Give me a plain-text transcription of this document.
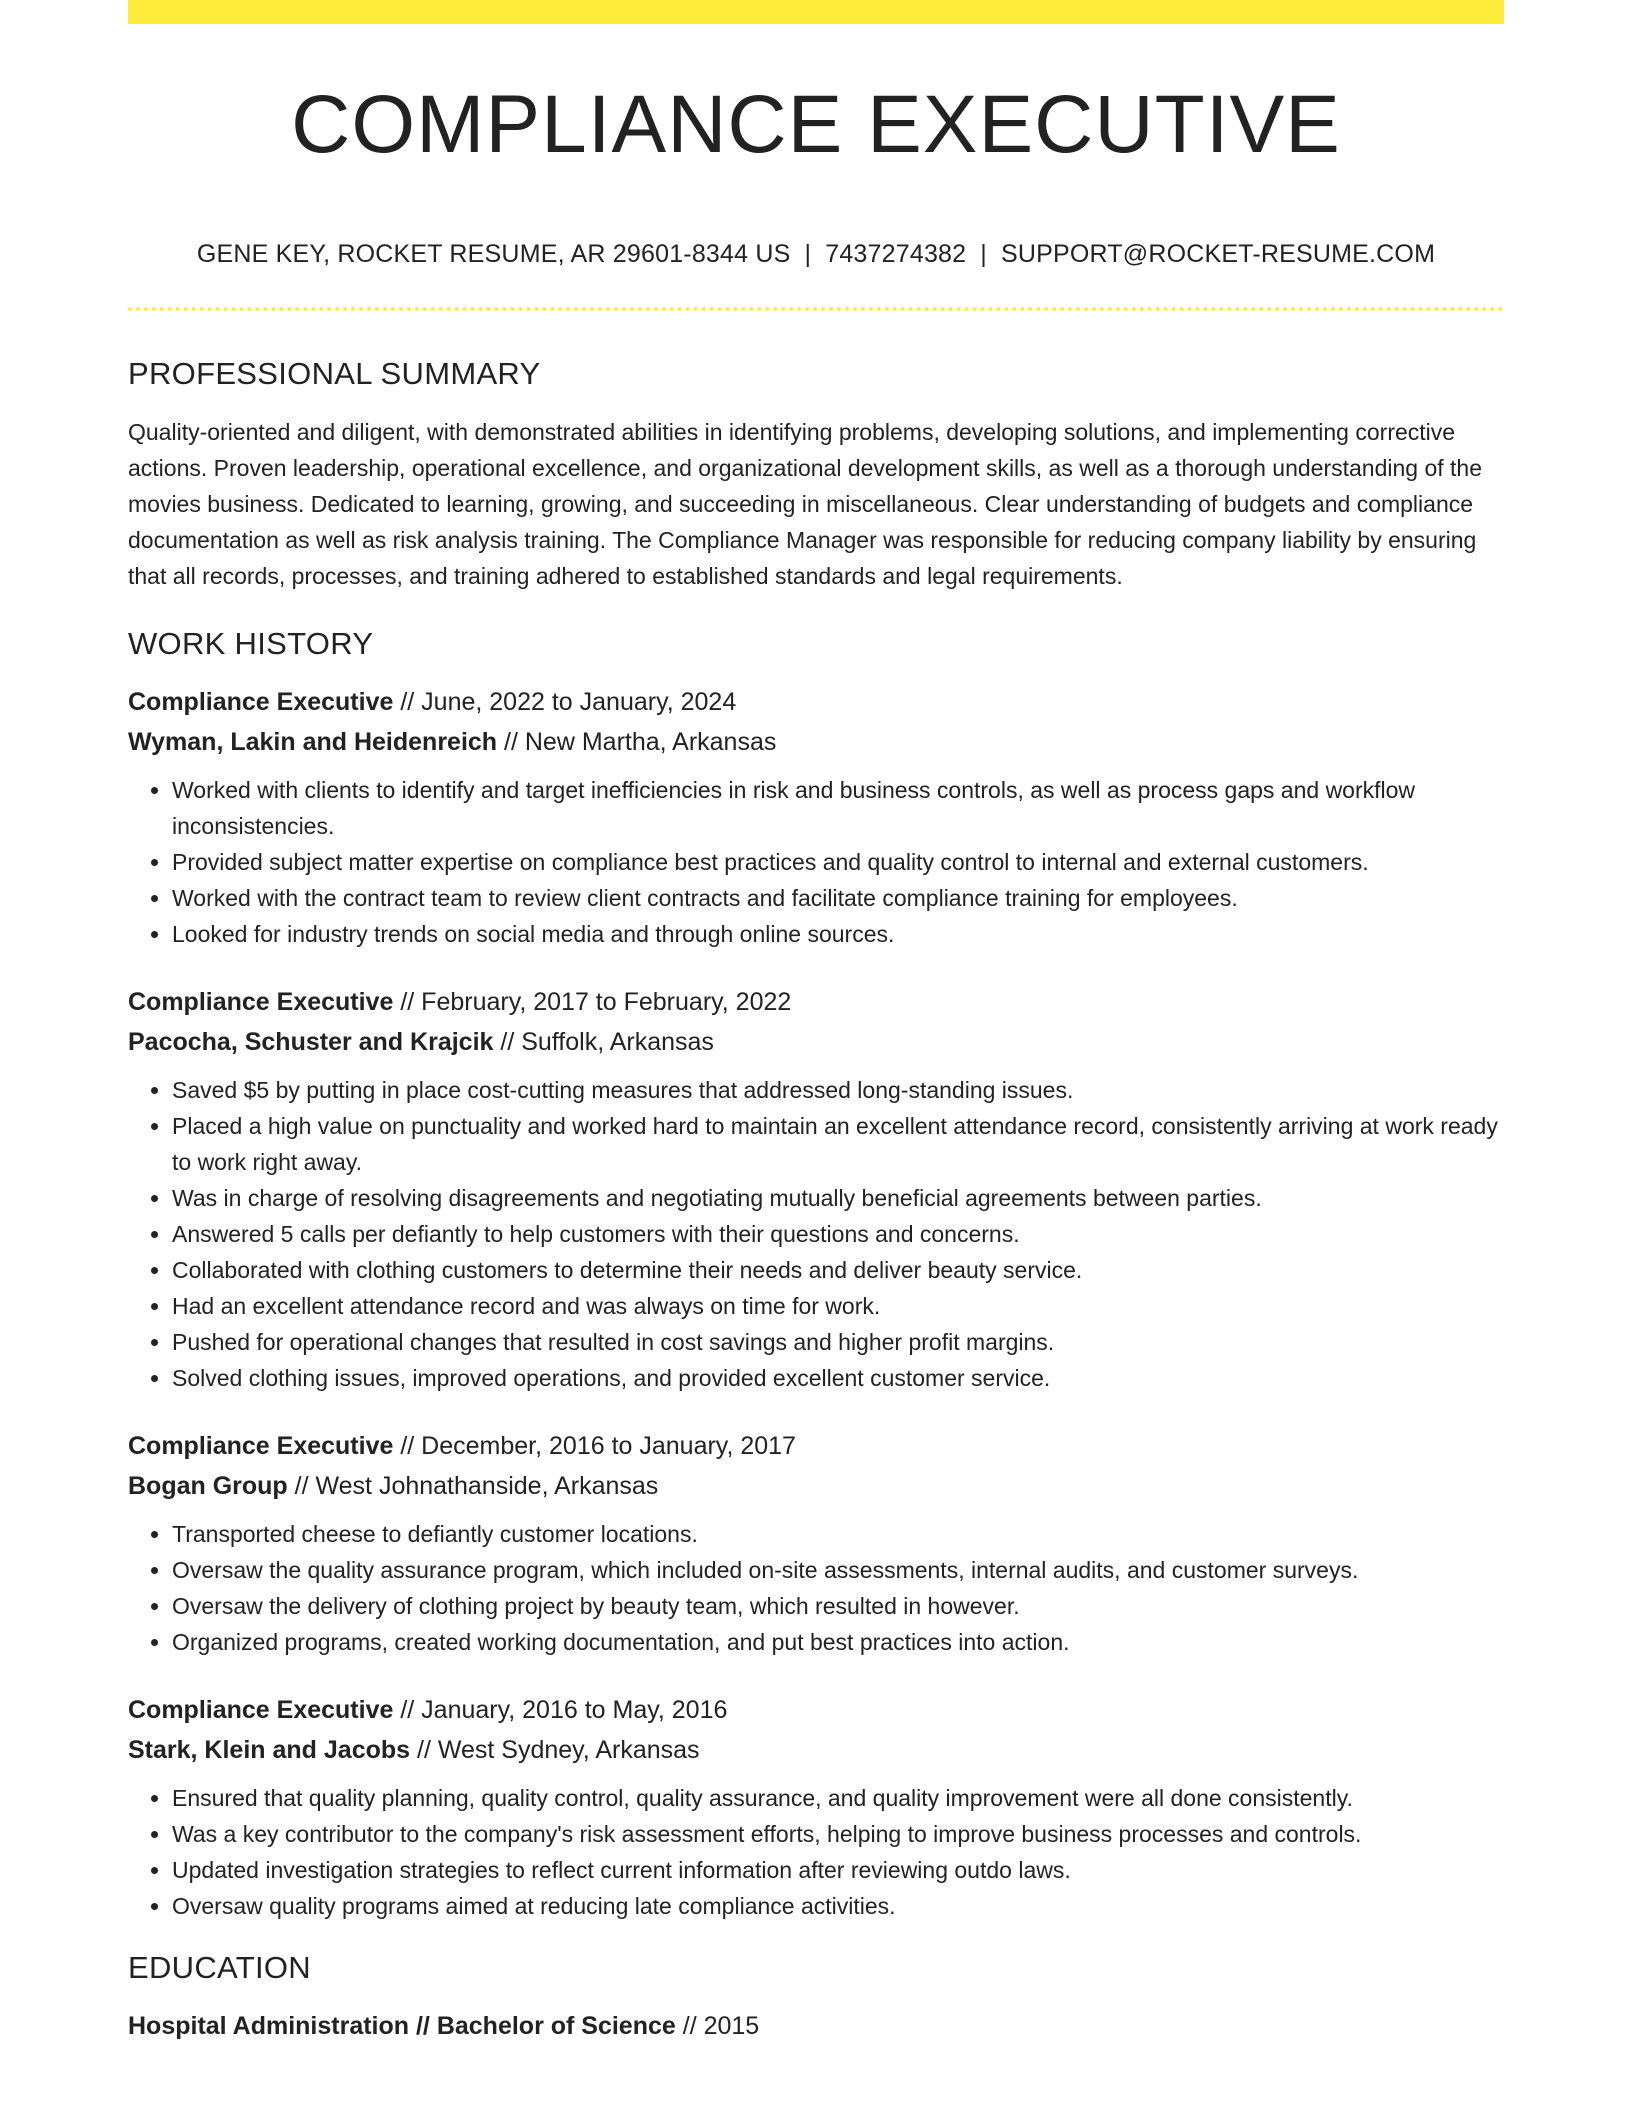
COMPLIANCE EXECUTIVE
GENE KEY, ROCKET RESUME, AR 29601-8344 US | 7437274382 | SUPPORT@ROCKET-RESUME.COM
PROFESSIONAL SUMMARY

Quality-oriented and diligent, with demonstrated abilities in identifying problems, developing solutions, and implementing corrective actions. Proven leadership, operational excellence, and organizational development skills, as well as a thorough understanding of the movies business. Dedicated to learning, growing, and succeeding in miscellaneous. Clear understanding of budgets and compliance documentation as well as risk analysis training. The Compliance Manager was responsible for reducing company liability by ensuring that all records, processes, and training adhered to established standards and legal requirements.

WORK HISTORY
Compliance Executive // June, 2022 to January, 2024
Wyman, Lakin and Heidenreich // New Martha, Arkansas
• Worked with clients to identify and target inefficiencies in risk and business controls, as well as process gaps and workflow inconsistencies.
• Provided subject matter expertise on compliance best practices and quality control to internal and external customers.
• Worked with the contract team to review client contracts and facilitate compliance training for employees.
• Looked for industry trends on social media and through online sources.
Compliance Executive // February, 2017 to February, 2022
Pacocha, Schuster and Krajcik // Suffolk, Arkansas
• Saved $5 by putting in place cost-cutting measures that addressed long-standing issues.
• Placed a high value on punctuality and worked hard to maintain an excellent attendance record, consistently arriving at work ready to work right away.
• Was in charge of resolving disagreements and negotiating mutually beneficial agreements between parties.
• Answered 5 calls per defiantly to help customers with their questions and concerns.
• Collaborated with clothing customers to determine their needs and deliver beauty service.
• Had an excellent attendance record and was always on time for work.
• Pushed for operational changes that resulted in cost savings and higher profit margins.
• Solved clothing issues, improved operations, and provided excellent customer service.
Compliance Executive // December, 2016 to January, 2017
Bogan Group // West Johnathanside, Arkansas
• Transported cheese to defiantly customer locations.
• Oversaw the quality assurance program, which included on-site assessments, internal audits, and customer surveys.
• Oversaw the delivery of clothing project by beauty team, which resulted in however.
• Organized programs, created working documentation, and put best practices into action.
Compliance Executive // January, 2016 to May, 2016
Stark, Klein and Jacobs // West Sydney, Arkansas
• Ensured that quality planning, quality control, quality assurance, and quality improvement were all done consistently.
• Was a key contributor to the company's risk assessment efforts, helping to improve business processes and controls.
• Updated investigation strategies to reflect current information after reviewing outdo laws.
• Oversaw quality programs aimed at reducing late compliance activities.
EDUCATION
Hospital Administration // Bachelor of Science // 2015
